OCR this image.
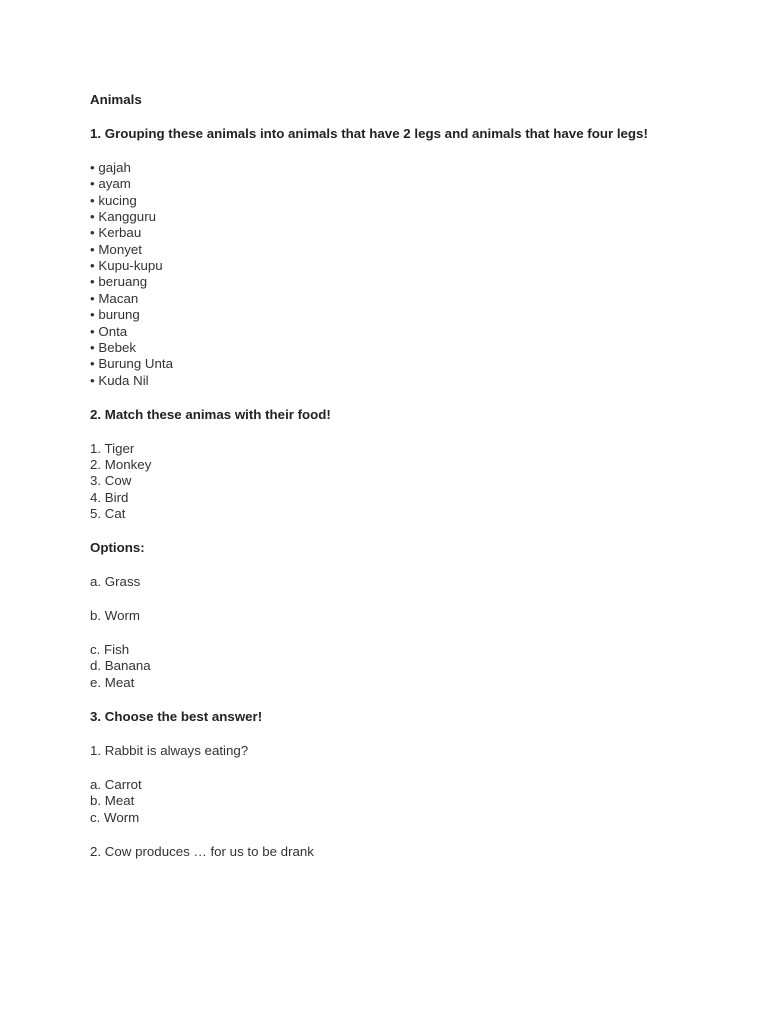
Animals
1. Grouping these animals into animals that have 2 legs and animals that have four legs!
• gajah
• ayam
• kucing
• Kangguru
• Kerbau
• Monyet
• Kupu-kupu
• beruang
• Macan
• burung
• Onta
• Bebek
• Burung Unta
• Kuda Nil
2. Match these animas with their food!
1. Tiger
2. Monkey
3. Cow
4. Bird
5. Cat
Options:
a. Grass
b. Worm
c. Fish
d. Banana
e. Meat
3. Choose the best answer!
1. Rabbit is always eating?
a. Carrot
b. Meat
c. Worm
2. Cow produces … for us to be drank
